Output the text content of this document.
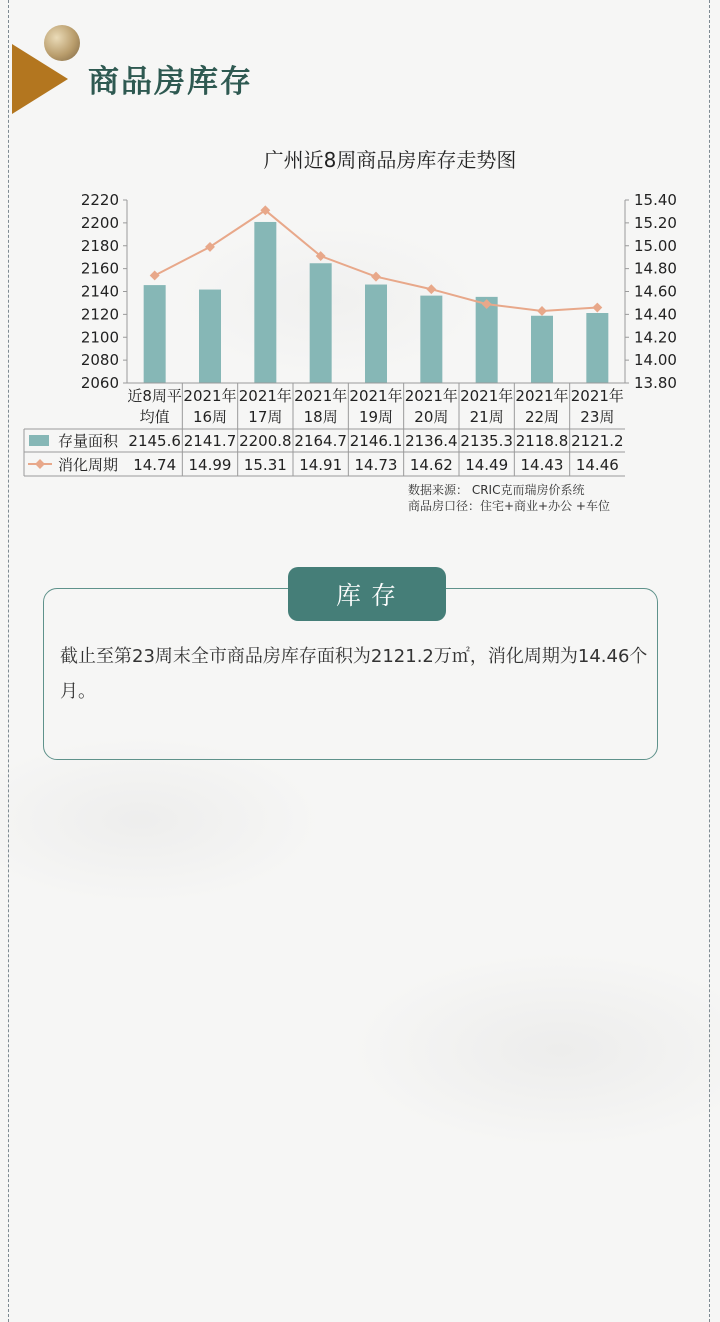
商品房库存
广州近8周商品房库存走势图
2060
2080
2100
2120
2140
2160
2180
2200
2220
13.80
14.00
14.20
14.40
14.60
14.80
15.00
15.20
15.40
近8周平
均值
2021年
16周
2021年
17周
2021年
18周
2021年
19周
2021年
20周
2021年
21周
2021年
22周
2021年
23周
存量面积
消化周期
2145.6 2141.7 2200.8 2164.7 2146.1 2136.4 2135.3 2118.8 2121.2
14.74 14.99 15.31 14.91 14.73 14.62 14.49 14.43 14.46
数据来源： CRIC克而瑞房价系统
商品房口径：住宅+商业+办公 +车位

截止至第23周末全市商品房库存面积为2121.2万㎡，消化周期为14.46个月。

库存
